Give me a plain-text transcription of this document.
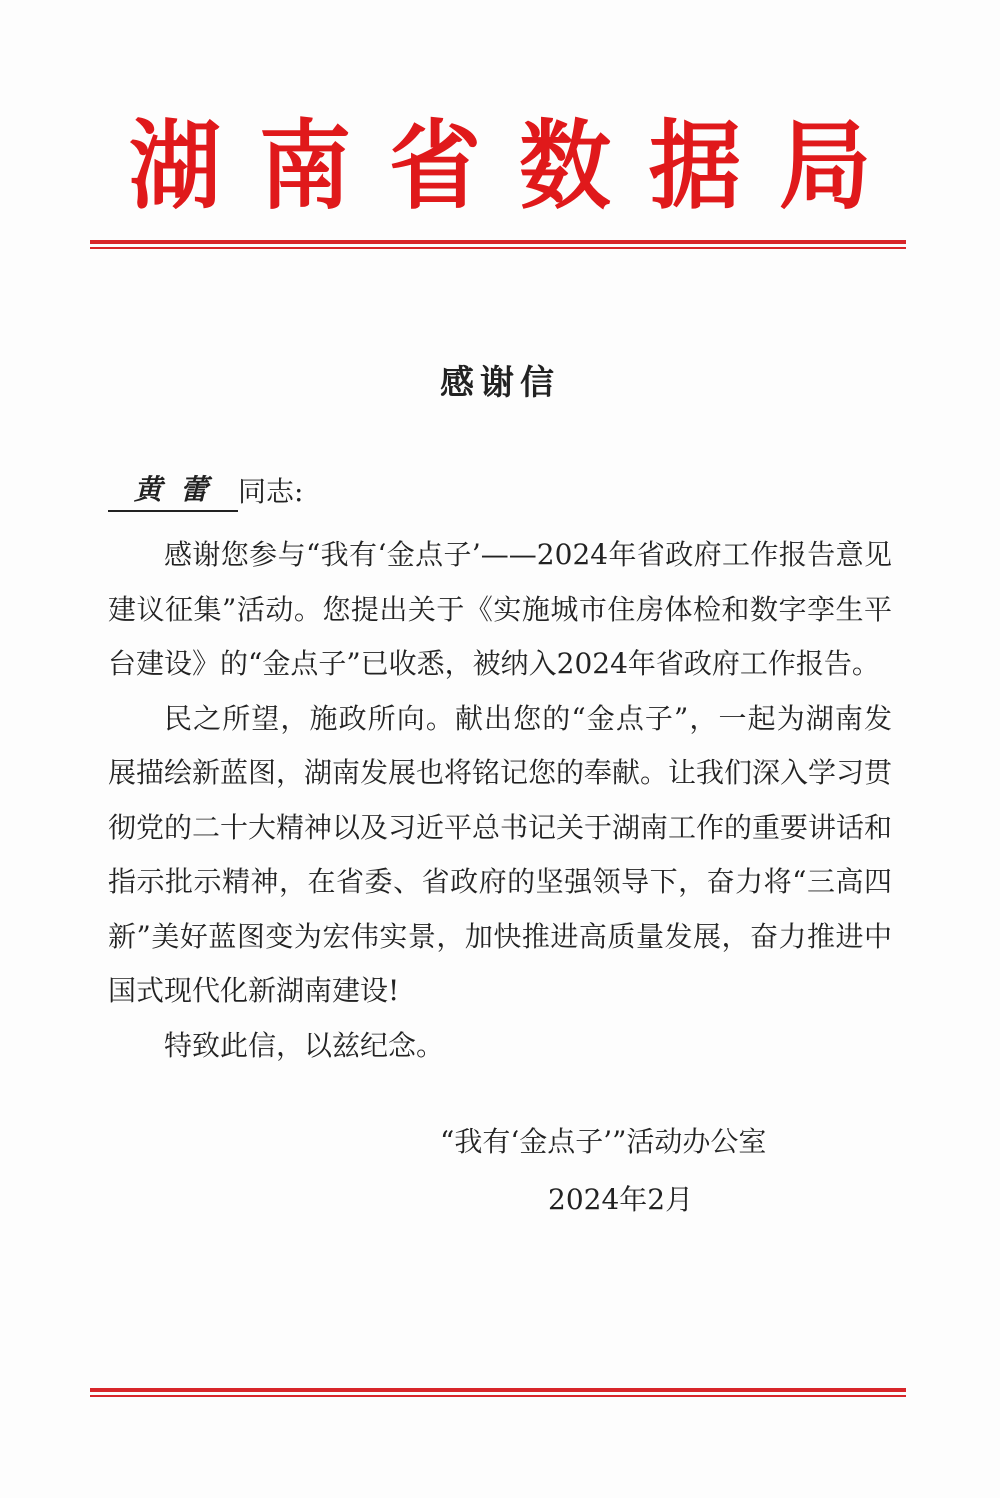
湖南省数据局
感谢信
黄蕾 同志:

感谢您参与“我有‘金点子’——2024年省政府工作报告意见建议征集”活动。您提出关于《实施城市住房体检和数字孪生平台建设》的“金点子”已收悉，被纳入2024年省政府工作报告。

民之所望，施政所向。献出您的“金点子”，一起为湖南发展描绘新蓝图，湖南发展也将铭记您的奉献。让我们深入学习贯彻党的二十大精神以及习近平总书记关于湖南工作的重要讲话和指示批示精神，在省委、省政府的坚强领导下，奋力将“三高四新”美好蓝图变为宏伟实景，加快推进高质量发展，奋力推进中国式现代化新湖南建设!

特致此信，以兹纪念。

“我有‘金点子’”活动办公室
2024年2月
